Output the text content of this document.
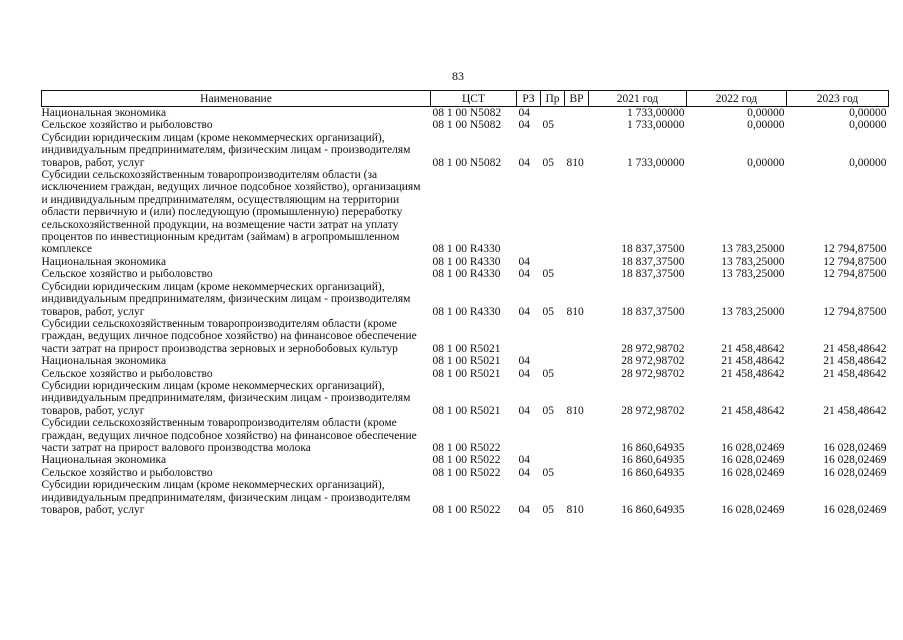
83
Наименование	ЦСТ	РЗ	Пр	ВР	2021 год	2022 год	2023 год
Национальная экономика	08 1 00 N5082	04			1 733,00000	0,00000	0,00000
Сельское хозяйство и рыболовство	08 1 00 N5082	04	05		1 733,00000	0,00000	0,00000
Субсидии юридическим лицам (кроме некоммерческих организаций), индивидуальным предпринимателям, физическим лицам - производителям товаров, работ, услуг	08 1 00 N5082	04	05	810	1 733,00000	0,00000	0,00000
Субсидии сельскохозяйственным товаропроизводителям области (за исключением граждан, ведущих личное подсобное хозяйство), организациям и индивидуальным предпринимателям, осуществляющим на территории области первичную и (или) последующую (промышленную) переработку сельскохозяйственной продукции, на возмещение части затрат на уплату процентов по инвестиционным кредитам (займам) в агропромышленном комплексе	08 1 00 R4330				18 837,37500	13 783,25000	12 794,87500
Национальная экономика	08 1 00 R4330	04			18 837,37500	13 783,25000	12 794,87500
Сельское хозяйство и рыболовство	08 1 00 R4330	04	05		18 837,37500	13 783,25000	12 794,87500
Субсидии юридическим лицам (кроме некоммерческих организаций), индивидуальным предпринимателям, физическим лицам - производителям товаров, работ, услуг	08 1 00 R4330	04	05	810	18 837,37500	13 783,25000	12 794,87500
Субсидии сельскохозяйственным товаропроизводителям области (кроме граждан, ведущих личное подсобное хозяйство) на финансовое обеспечение части затрат на прирост производства зерновых и зернобобовых культур	08 1 00 R5021				28 972,98702	21 458,48642	21 458,48642
Национальная экономика	08 1 00 R5021	04			28 972,98702	21 458,48642	21 458,48642
Сельское хозяйство и рыболовство	08 1 00 R5021	04	05		28 972,98702	21 458,48642	21 458,48642
Субсидии юридическим лицам (кроме некоммерческих организаций), индивидуальным предпринимателям, физическим лицам - производителям товаров, работ, услуг	08 1 00 R5021	04	05	810	28 972,98702	21 458,48642	21 458,48642
Субсидии сельскохозяйственным товаропроизводителям области (кроме граждан, ведущих личное подсобное хозяйство) на финансовое обеспечение части затрат на прирост валового производства молока	08 1 00 R5022				16 860,64935	16 028,02469	16 028,02469
Национальная экономика	08 1 00 R5022	04			16 860,64935	16 028,02469	16 028,02469
Сельское хозяйство и рыболовство	08 1 00 R5022	04	05		16 860,64935	16 028,02469	16 028,02469
Субсидии юридическим лицам (кроме некоммерческих организаций), индивидуальным предпринимателям, физическим лицам - производителям товаров, работ, услуг	08 1 00 R5022	04	05	810	16 860,64935	16 028,02469	16 028,02469
